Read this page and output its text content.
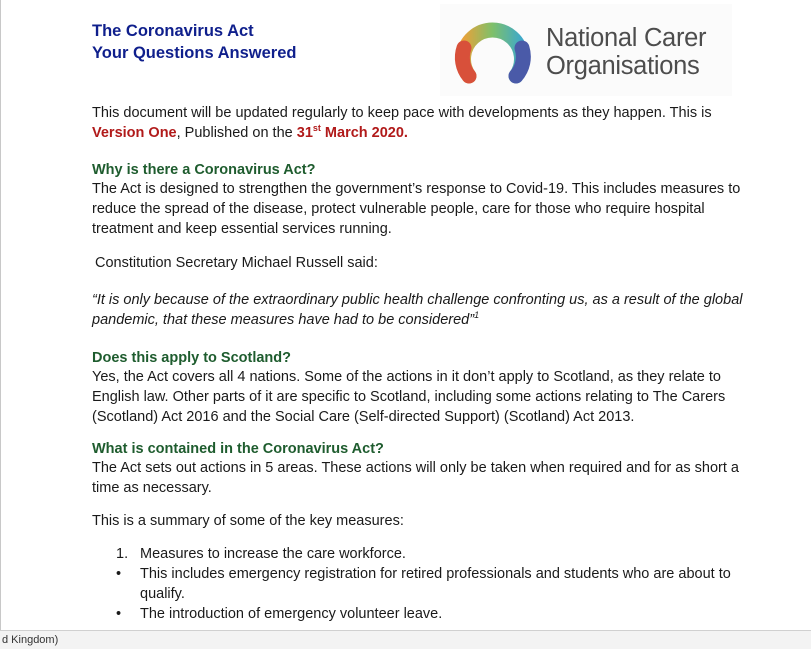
The Coronavirus Act
Your Questions Answered
National Carer
Organisations

This document will be updated regularly to keep pace with developments as they happen. This is Version One, Published on the 31st March 2020.

Why is there a Coronavirus Act?

The Act is designed to strengthen the government’s response to Covid-19. This includes measures to reduce the spread of the disease, protect vulnerable people, care for those who require hospital treatment and keep essential services running.

Constitution Secretary Michael Russell said:

“It is only because of the extraordinary public health challenge confronting us, as a result of the global pandemic, that these measures have had to be considered”$^1$

Does this apply to Scotland?

Yes, the Act covers all 4 nations. Some of the actions in it don’t apply to Scotland, as they relate to English law. Other parts of it are specific to Scotland, including some actions relating to The Carers (Scotland) Act 2016 and the Social Care (Self-directed Support) (Scotland) Act 2013.

What is contained in the Coronavirus Act?

The Act sets out actions in 5 areas. These actions will only be taken when required and for as short a time as necessary.

This is a summary of some of the key measures:

1. Measures to increase the care workforce.
•	This includes emergency registration for retired professionals and students who are about to qualify.
•	The introduction of emergency volunteer leave.
d Kingdom)
